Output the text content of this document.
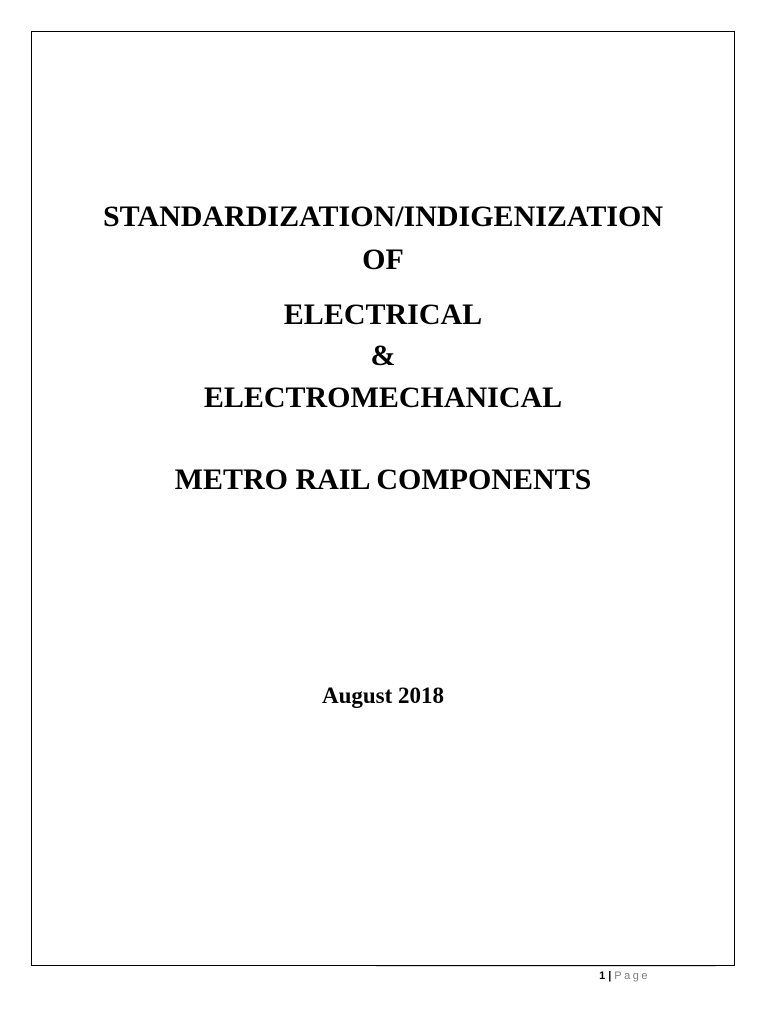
STANDARDIZATION/INDIGENIZATION
OF
ELECTRICAL
&
ELECTROMECHANICAL
METRO RAIL COMPONENTS
August 2018
1 | Page
